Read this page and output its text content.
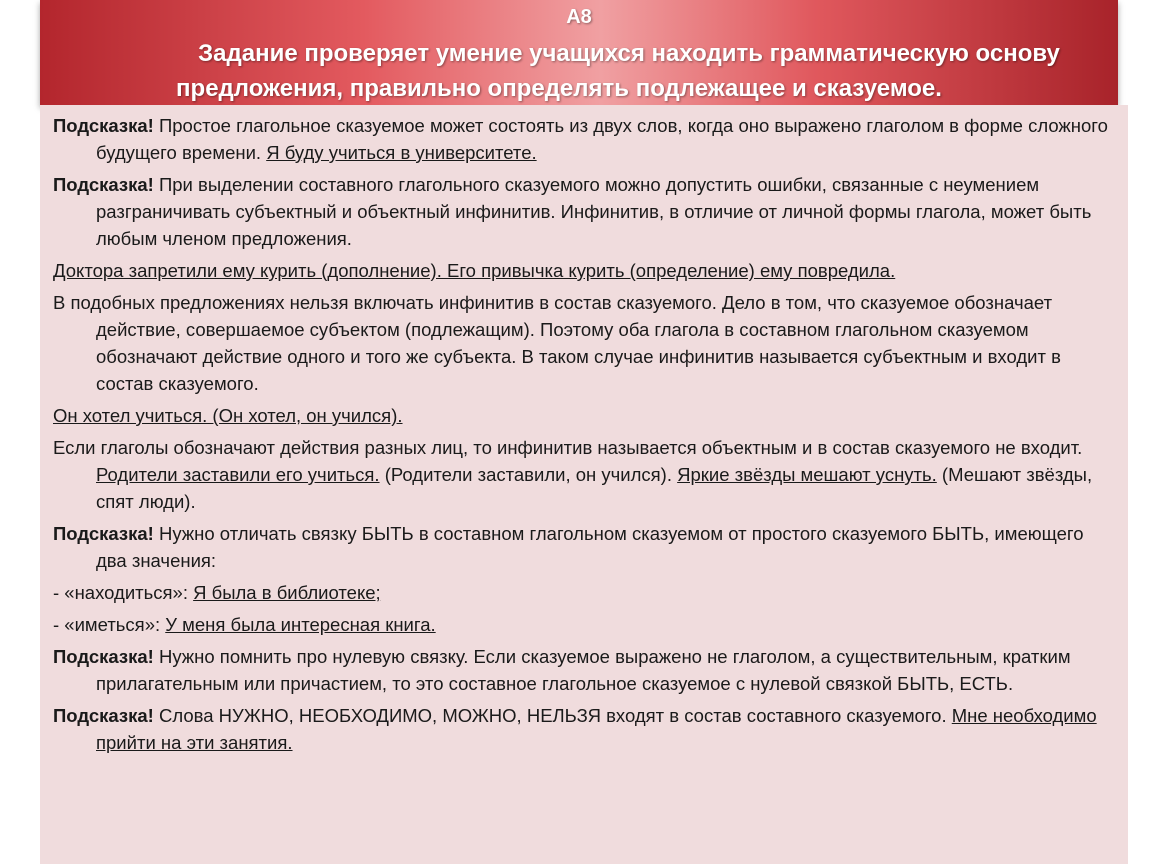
А8
Задание проверяет умение учащихся находить грамматическую основу
предложения, правильно определять подлежащее и сказуемое.

Подсказка! Простое глагольное сказуемое может состоять из двух слов, когда оно выражено глаголом в форме сложного будущего времени. Я буду учиться в университете.

Подсказка! При выделении составного глагольного сказуемого можно допустить ошибки, связанные с неумением разграничивать субъектный и объектный инфинитив. Инфинитив, в отличие от личной формы глагола, может быть любым членом предложения.

Доктора запретили ему курить (дополнение). Его привычка курить (определение) ему повредила.

В подобных предложениях нельзя включать инфинитив в состав сказуемого. Дело в том, что сказуемое обозначает действие, совершаемое субъектом (подлежащим). Поэтому оба глагола в составном глагольном сказуемом обозначают действие одного и того же субъекта. В таком случае инфинитив называется субъектным и входит в состав сказуемого.

Он хотел учиться. (Он хотел, он учился).

Если глаголы обозначают действия разных лиц, то инфинитив называется объектным и в состав сказуемого не входит. Родители заставили его учиться. (Родители заставили, он учился). Яркие звёзды мешают уснуть. (Мешают звёзды, спят люди).

Подсказка! Нужно отличать связку БЫТЬ в составном глагольном сказуемом от простого сказуемого БЫТЬ, имеющего два значения:

- «находиться»: Я была в библиотеке;

- «иметься»: У меня была интересная книга.

Подсказка! Нужно помнить про нулевую связку. Если сказуемое выражено не глаголом, а существительным, кратким прилагательным или причастием, то это составное глагольное сказуемое с нулевой связкой БЫТЬ, ЕСТЬ.

Подсказка! Слова НУЖНО, НЕОБХОДИМО, МОЖНО, НЕЛЬЗЯ входят в состав составного сказуемого. Мне необходимо прийти на эти занятия.
